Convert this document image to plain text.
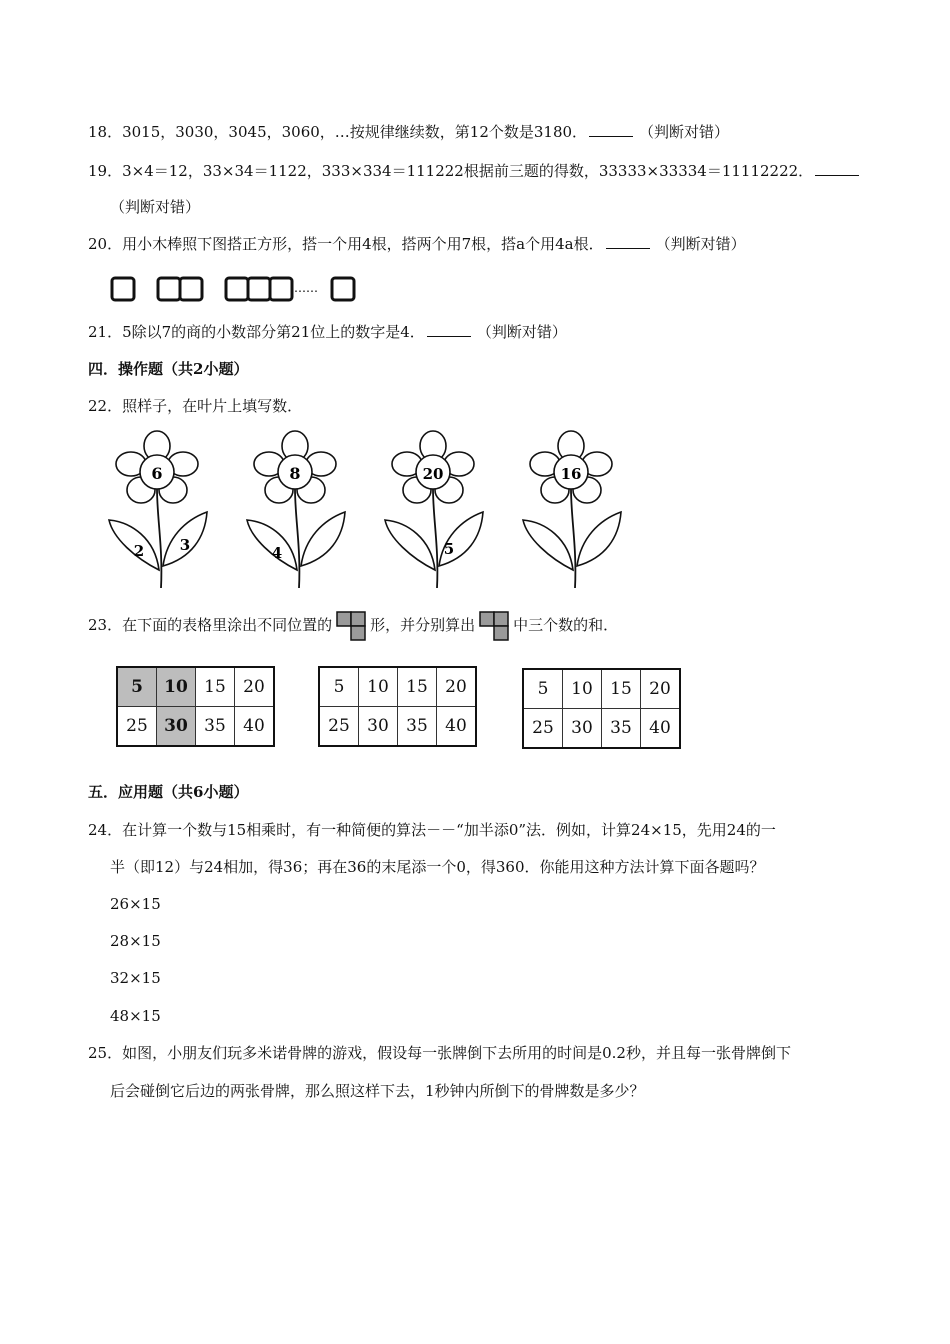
18．3015，3030，3045，3060，…按规律继续数，第12个数是3180．	（判断对错）
19．3×4＝12，33×34＝1122，333×334＝111222根据前三题的得数，33333×33334＝11112222．
（判断对错）
20．用小木棒照下图搭正方形，搭一个用4根，搭两个用7根，搭a个用4a根．	（判断对错）
……
21．5除以7的商的小数部分第21位上的数字是4．	（判断对错）
四．操作题（共2小题）
22．照样子，在叶片上填写数．
6
2 3
8
4
20
5
16
23．在下面的表格里涂出不同位置的	形，并分别算出	中三个数的和．
5	10	15	20
25	30	35	40
5	10	15	20
25	30	35	40
5	10	15	20
25	30	35	40
五．应用题（共6小题）
24．在计算一个数与15相乘时，有一种简便的算法－－“加半添0”法．例如，计算24×15，先用24的一
半（即12）与24相加，得36；再在36的末尾添一个0，得360．你能用这种方法计算下面各题吗？
26×15
28×15
32×15
48×15
25．如图，小朋友们玩多米诺骨牌的游戏，假设每一张牌倒下去所用的时间是0.2秒，并且每一张骨牌倒下
后会碰倒它后边的两张骨牌，那么照这样下去，1秒钟内所倒下的骨牌数是多少？
